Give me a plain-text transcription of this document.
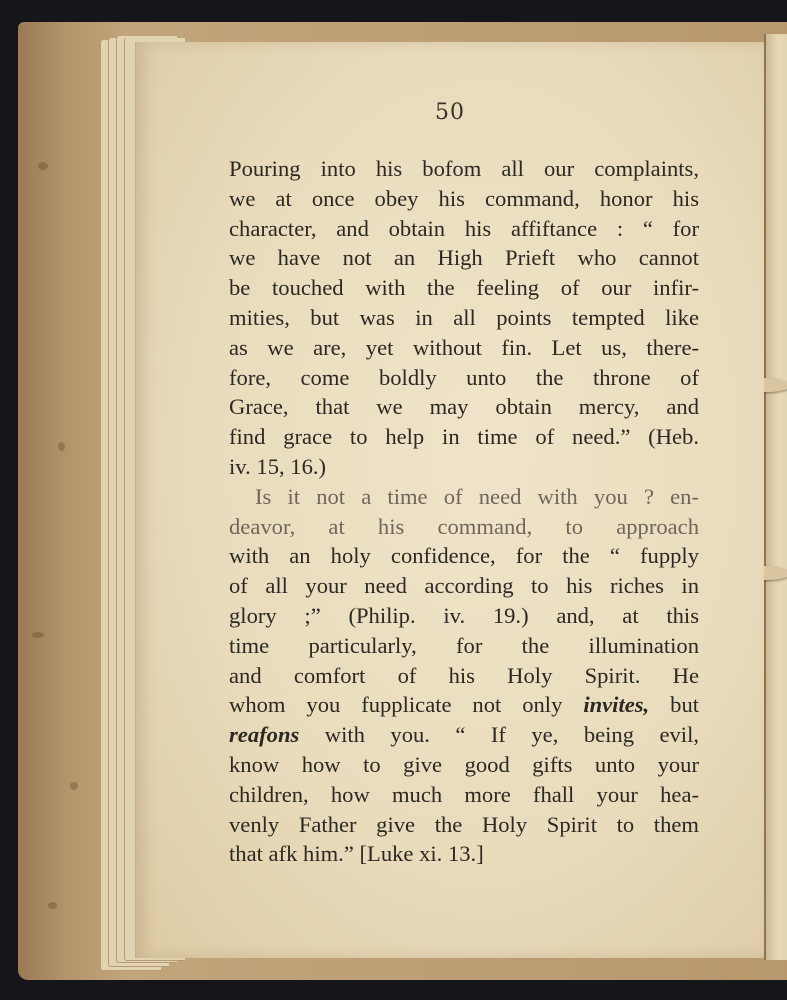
50
Pouring into his bofom all our complaints,
we at once obey his command, honor his
character, and obtain his affiftance : “ for
we have not an High Prieft who cannot
be touched with the feeling of our infir-
mities, but was in all points tempted like
as we are, yet without fin. Let us, there-
fore, come boldly unto the throne of
Grace, that we may obtain mercy, and
find grace to help in time of need.” (Heb.
iv. 15, 16.)
Is it not a time of need with you ? en-
deavor, at his command, to approach
with an holy confidence, for the “ fupply
of all your need according to his riches in
glory ;” (Philip. iv. 19.) and, at this
time particularly, for the illumination
and comfort of his Holy Spirit. He
whom you fupplicate not only invites, but
reafons with you. “ If ye, being evil,
know how to give good gifts unto your
children, how much more fhall your hea-
venly Father give the Holy Spirit to them
that afk him.” [Luke xi. 13.]
